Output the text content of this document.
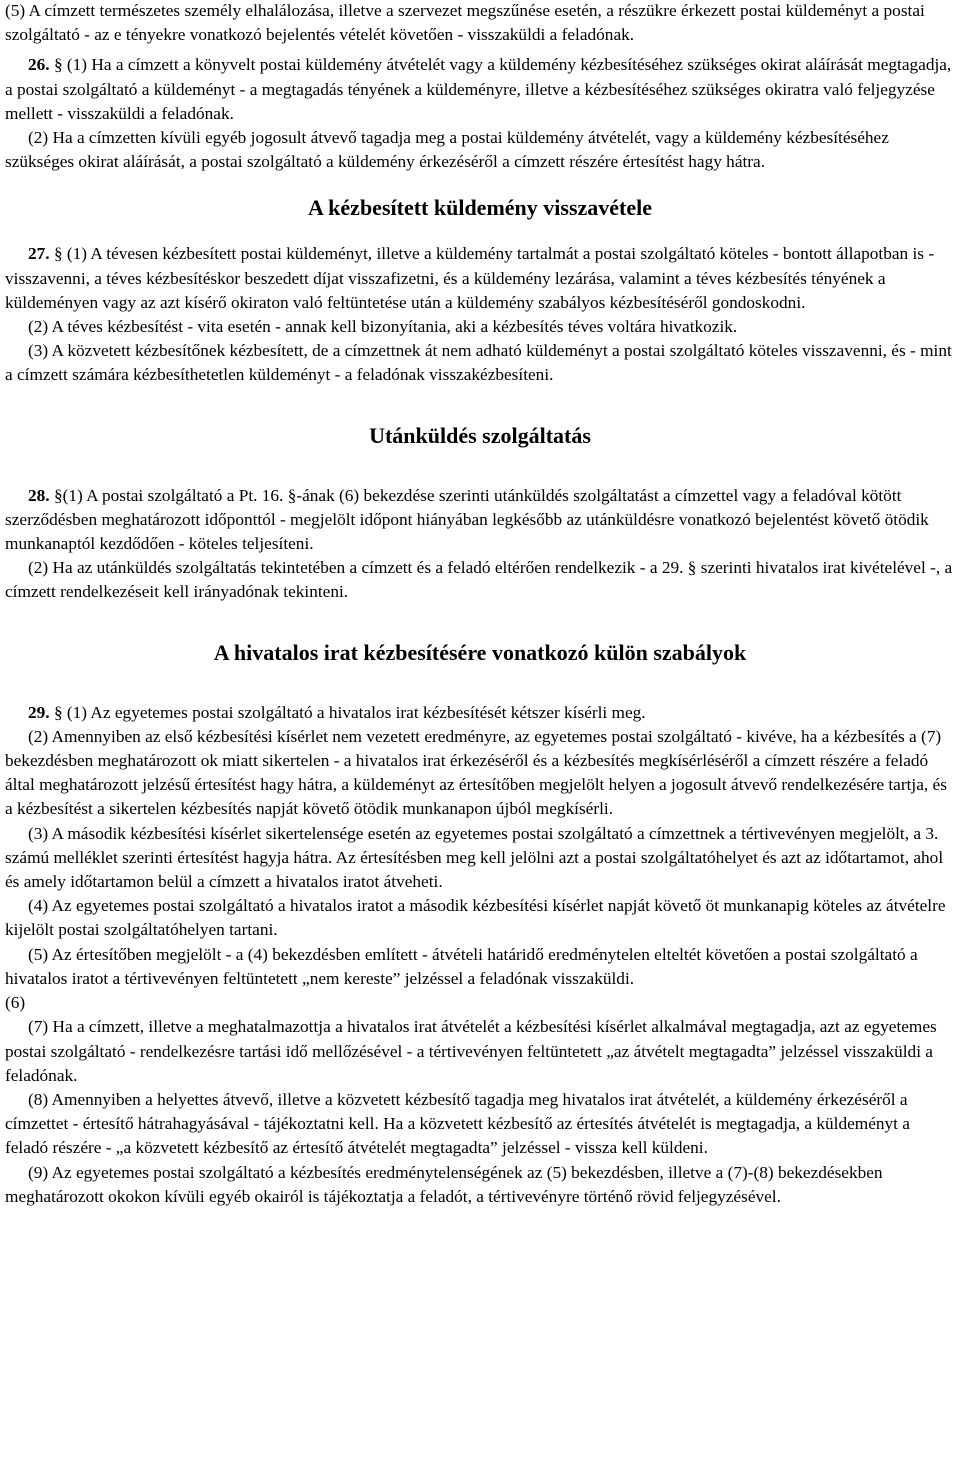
(5) A címzett természetes személy elhalálozása, illetve a szervezet megszűnése esetén, a részükre érkezett postai küldeményt a postai szolgáltató - az e tényekre vonatkozó bejelentés vételét követően - visszaküldi a feladónak.

26. § (1) Ha a címzett a könyvelt postai küldemény átvételét vagy a küldemény kézbesítéséhez szükséges okirat aláírását megtagadja, a postai szolgáltató a küldeményt - a megtagadás tényének a küldeményre, illetve a kézbesítéséhez szükséges okiratra való feljegyzése mellett - visszaküldi a feladónak.

(2) Ha a címzetten kívüli egyéb jogosult átvevő tagadja meg a postai küldemény átvételét, vagy a küldemény kézbesítéséhez szükséges okirat aláírását, a postai szolgáltató a küldemény érkezéséről a címzett részére értesítést hagy hátra.

A kézbesített küldemény visszavétele

27. § (1) A tévesen kézbesített postai küldeményt, illetve a küldemény tartalmát a postai szolgáltató köteles - bontott állapotban is - visszavenni, a téves kézbesítéskor beszedett díjat visszafizetni, és a küldemény lezárása, valamint a téves kézbesítés tényének a küldeményen vagy az azt kísérő okiraton való feltüntetése után a küldemény szabályos kézbesítéséről gondoskodni.

(2) A téves kézbesítést - vita esetén - annak kell bizonyítania, aki a kézbesítés téves voltára hivatkozik.

(3) A közvetett kézbesítőnek kézbesített, de a címzettnek át nem adható küldeményt a postai szolgáltató köteles visszavenni, és - mint a címzett számára kézbesíthetetlen küldeményt - a feladónak visszakézbesíteni.

Utánküldés szolgáltatás

28. §(1) A postai szolgáltató a Pt. 16. §-ának (6) bekezdése szerinti utánküldés szolgáltatást a címzettel vagy a feladóval kötött szerződésben meghatározott időponttól - megjelölt időpont hiányában legkésőbb az utánküldésre vonatkozó bejelentést követő ötödik munkanaptól kezdődően - köteles teljesíteni.

(2) Ha az utánküldés szolgáltatás tekintetében a címzett és a feladó eltérően rendelkezik - a 29. § szerinti hivatalos irat kivételével -, a címzett rendelkezéseit kell irányadónak tekinteni.

A hivatalos irat kézbesítésére vonatkozó külön szabályok

29. § (1) Az egyetemes postai szolgáltató a hivatalos irat kézbesítését kétszer kísérli meg.

(2) Amennyiben az első kézbesítési kísérlet nem vezetett eredményre, az egyetemes postai szolgáltató - kivéve, ha a kézbesítés a (7) bekezdésben meghatározott ok miatt sikertelen - a hivatalos irat érkezéséről és a kézbesítés megkísérléséről a címzett részére a feladó által meghatározott jelzésű értesítést hagy hátra, a küldeményt az értesítőben megjelölt helyen a jogosult átvevő rendelkezésére tartja, és a kézbesítést a sikertelen kézbesítés napját követő ötödik munkanapon újból megkísérli.

(3) A második kézbesítési kísérlet sikertelensége esetén az egyetemes postai szolgáltató a címzettnek a tértivevényen megjelölt, a 3. számú melléklet szerinti értesítést hagyja hátra. Az értesítésben meg kell jelölni azt a postai szolgáltatóhelyet és azt az időtartamot, ahol és amely időtartamon belül a címzett a hivatalos iratot átveheti.

(4) Az egyetemes postai szolgáltató a hivatalos iratot a második kézbesítési kísérlet napját követő öt munkanapig köteles az átvételre kijelölt postai szolgáltatóhelyen tartani.

(5) Az értesítőben megjelölt - a (4) bekezdésben említett - átvételi határidő eredménytelen elteltét követően a postai szolgáltató a hivatalos iratot a tértivevényen feltüntetett „nem kereste” jelzéssel a feladónak visszaküldi.

(6)

(7) Ha a címzett, illetve a meghatalmazottja a hivatalos irat átvételét a kézbesítési kísérlet alkalmával megtagadja, azt az egyetemes postai szolgáltató - rendelkezésre tartási idő mellőzésével - a tértivevényen feltüntetett „az átvételt megtagadta” jelzéssel visszaküldi a feladónak.

(8) Amennyiben a helyettes átvevő, illetve a közvetett kézbesítő tagadja meg hivatalos irat átvételét, a küldemény érkezéséről a címzettet - értesítő hátrahagyásával - tájékoztatni kell. Ha a közvetett kézbesítő az értesítés átvételét is megtagadja, a küldeményt a feladó részére - „a közvetett kézbesítő az értesítő átvételét megtagadta” jelzéssel - vissza kell küldeni.

(9) Az egyetemes postai szolgáltató a kézbesítés eredménytelenségének az (5) bekezdésben, illetve a (7)-(8) bekezdésekben meghatározott okokon kívüli egyéb okairól is tájékoztatja a feladót, a tértivevényre történő rövid feljegyzésével.
